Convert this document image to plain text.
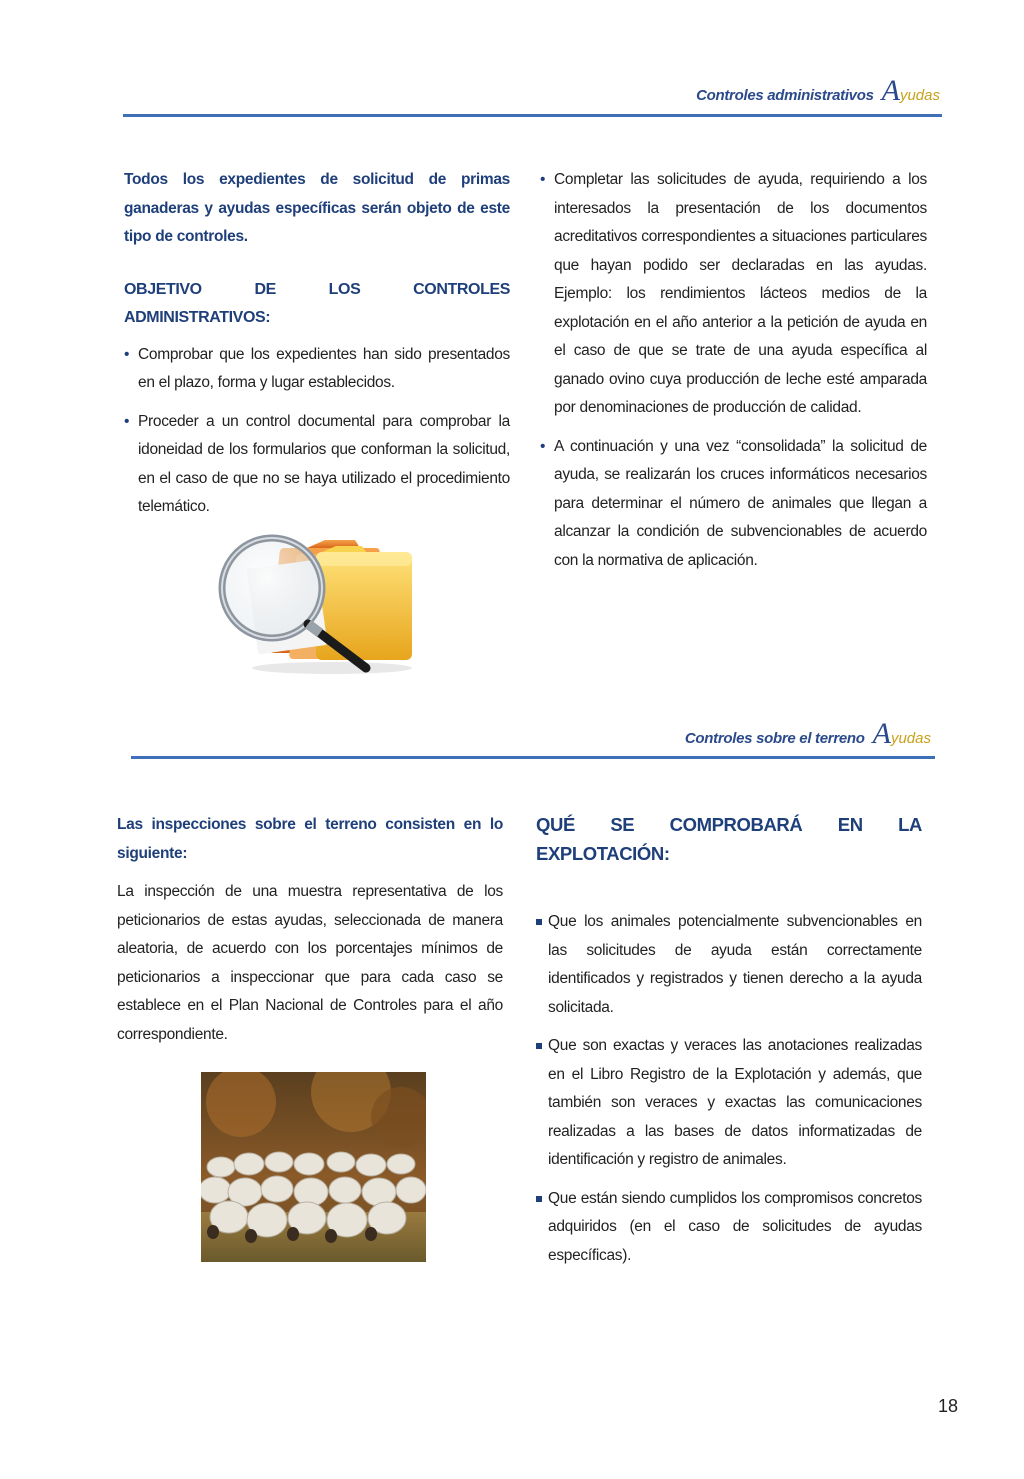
Controles administrativos Ayudas

Todos los expedientes de solicitud de primas ganaderas y ayudas específicas serán objeto de este tipo de controles.

OBJETIVO DE LOS CONTROLES ADMINISTRATIVOS:

• Comprobar que los expedientes han sido presentados en el plazo, forma y lugar establecidos.

• Proceder a un control documental para comprobar la idoneidad de los formularios que conforman la solicitud, en el caso de que no se haya utilizado el procedimiento telemático.

• Completar las solicitudes de ayuda, requiriendo a los interesados la presentación de los documentos acreditativos correspondientes a situaciones particulares que hayan podido ser declaradas en las ayudas. Ejemplo: los rendimientos lácteos medios de la explotación en el año anterior a la petición de ayuda en el caso de que se trate de una ayuda específica al ganado ovino cuya producción de leche esté amparada por denominaciones de producción de calidad.

• A continuación y una vez “consolidada” la solicitud de ayuda, se realizarán los cruces informáticos necesarios para determinar el número de animales que llegan a alcanzar la condición de subvencionables de acuerdo con la normativa de aplicación.

Controles sobre el terreno Ayudas

Las inspecciones sobre el terreno consisten en lo siguiente:

La inspección de una muestra representativa de los peticionarios de estas ayudas, seleccionada de manera aleatoria, de acuerdo con los porcentajes mínimos de peticionarios a inspeccionar que para cada caso se establece en el Plan Nacional de Controles para el año correspondiente.

QUÉ SE COMPROBARÁ EN LA EXPLOTACIÓN:

Que los animales potencialmente subvencionables en las solicitudes de ayuda están correctamente identificados y registrados y tienen derecho a la ayuda solicitada.

Que son exactas y veraces las anotaciones realizadas en el Libro Registro de la Explotación y además, que también son veraces y exactas las comunicaciones realizadas a las bases de datos informatizadas de identificación y registro de animales.

Que están siendo cumplidos los compromisos concretos adquiridos (en el caso de solicitudes de ayudas específicas).

18
